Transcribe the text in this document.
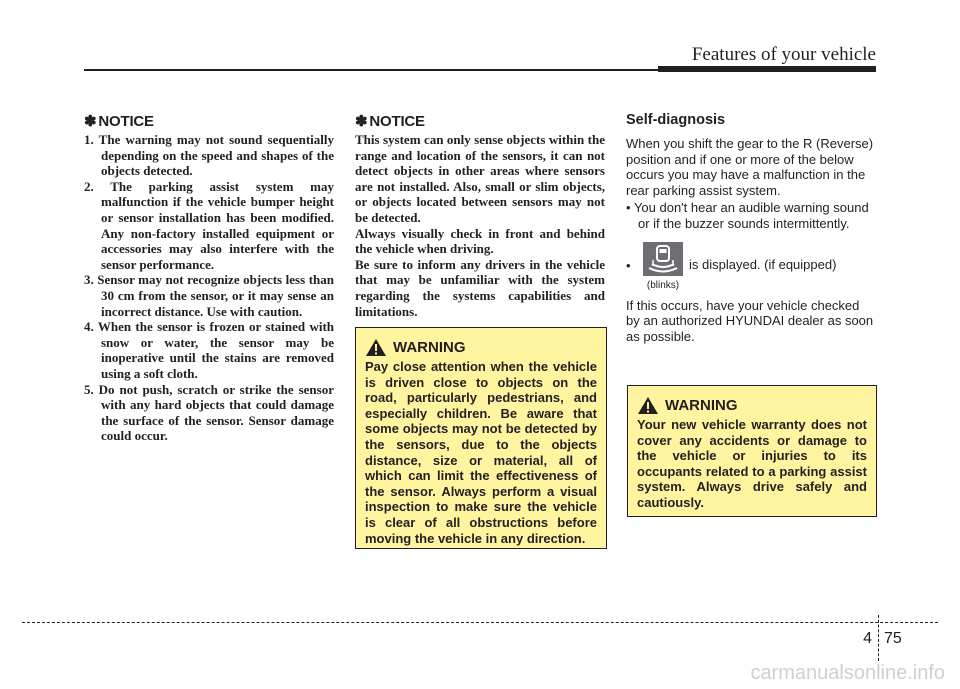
Features of your vehicle
✽ NOTICE
1. The warning may not sound sequentially depending on the speed and shapes of the objects detected.
2. The parking assist system may malfunction if the vehicle bumper height or sensor installation has been modified. Any non-factory installed equipment or accessories may also interfere with the sensor performance.
3. Sensor may not recognize objects less than 30 cm from the sensor, or it may sense an incorrect distance. Use with caution.
4. When the sensor is frozen or stained with snow or water, the sensor may be inoperative until the stains are removed using a soft cloth.
5. Do not push, scratch or strike the sensor with any hard objects that could damage the surface of the sensor. Sensor damage could occur.
✽ NOTICE

This system can only sense objects within the range and location of the sensors, it can not detect objects in other areas where sensors are not installed. Also, small or slim objects, or objects located between sensors may not be detected.

Always visually check in front and behind the vehicle when driving.

Be sure to inform any drivers in the vehicle that may be unfamiliar with the system regarding the systems capabilities and limitations.

WARNING
Pay close attention when the vehicle is driven close to objects on the road, particularly pedestrians, and especially children. Be aware that some objects may not be detected by the sensors, due to the objects distance, size or material, all of which can limit the effectiveness of the sensor. Always perform a visual inspection to make sure the vehicle is clear of all obstructions before moving the vehicle in any direction.
Self-diagnosis

When you shift the gear to the R (Reverse) position and if one or more of the below occurs you may have a malfunction in the rear parking assist system.

• You don't hear an audible warning sound or if the buzzer sounds intermittently.

•
(blinks)
is displayed. (if equipped)

If this occurs, have your vehicle checked by an authorized HYUNDAI dealer as soon as possible.

WARNING
Your new vehicle warranty does not cover any accidents or damage to the vehicle or injuries to its occupants related to a parking assist system. Always drive safely and cautiously.
4 75
carmanualsonline.info
